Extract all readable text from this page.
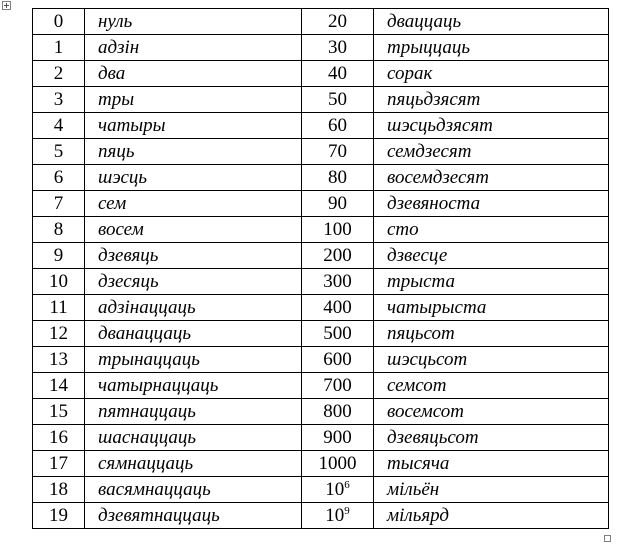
0	нуль	20	дваццаць
1	адзін	30	трыццаць
2	два	40	сорак
3	тры	50	пяцьдзясят
4	чатыры	60	шэсцьдзясят
5	пяць	70	семдзесят
6	шэсць	80	восемдзесят
7	сем	90	дзевяноста
8	восем	100	сто
9	дзевяць	200	дзвесце
10	дзесяць	300	трыста
11	адзінаццаць	400	чатырыста
12	дванаццаць	500	пяцьсот
13	трынаццаць	600	шэсцьсот
14	чатырнаццаць	700	семсот
15	пятнаццаць	800	восемсот
16	шаснаццаць	900	дзевяцьсот
17	сямнаццаць	1000	тысяча
18	васямнаццаць	$10^6$	мільён
19	дзевятнаццаць	$10^9$	мільярд
